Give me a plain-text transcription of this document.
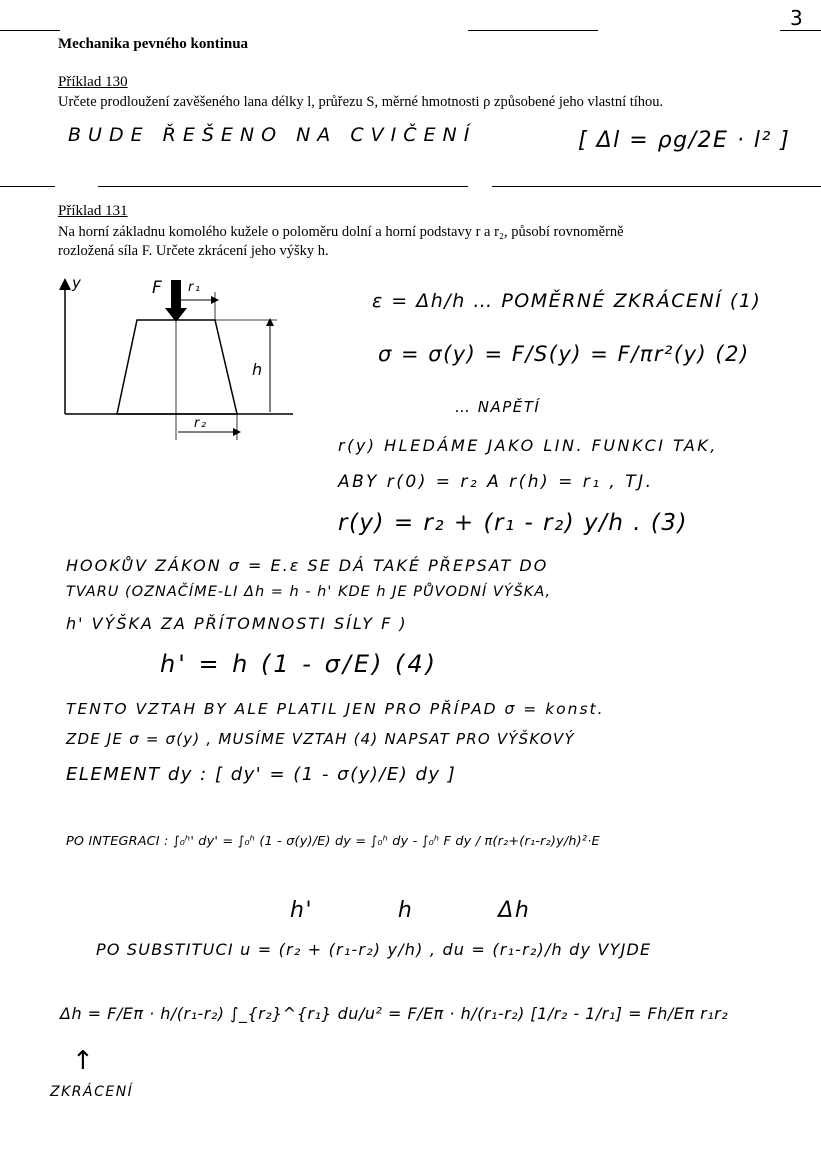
3
Mechanika pevného kontinua
Příklad 130
Určete prodloužení zavěšeného lana délky l, průřezu S, měrné hmotnosti ρ způsobené jeho vlastní tíhou.
BUDE ŘEŠENO NA CVIČENÍ	[ Δl = ρg/2E · l² ]
Příklad 131
Na horní základnu komolého kužele o poloměru dolní a horní podstavy r a r₂, působí rovnoměrně
rozložená síla F. Určete zkrácení jeho výšky h.
y	F r₁
h
r₂
ε = Δh/h … POMĚRNÉ ZKRÁCENÍ (1)
σ = σ(y) = F/S(y) = F/πr²(y) (2)
… NAPĚTÍ
r(y) HLEDÁME JAKO LIN. FUNKCI TAK,
ABY r(0) = r₂ A r(h) = r₁ , TJ.
r(y) = r₂ + (r₁ - r₂) y/h . (3)
HOOKŮV ZÁKON σ = E.ε SE DÁ TAKÉ PŘEPSAT DO
TVARU (OZNAČÍME-LI Δh = h - h' KDE h JE PŮVODNÍ VÝŠKA,
h' VÝŠKA ZA PŘÍTOMNOSTI SÍLY F )
h' = h (1 - σ/E) (4)
TENTO VZTAH BY ALE PLATIL JEN PRO PŘÍPAD σ = konst.
ZDE JE σ = σ(y) , MUSÍME VZTAH (4) NAPSAT PRO VÝŠKOVÝ
ELEMENT dy : [ dy' = (1 - σ(y)/E) dy ]
PO INTEGRACI : ∫₀ʰ' dy' = ∫₀ʰ (1 - σ(y)/E) dy = ∫₀ʰ dy - ∫₀ʰ F dy / π(r₂+(r₁-r₂)y/h)²·E
h'          h          Δh
PO SUBSTITUCI u = (r₂ + (r₁-r₂) y/h) , du = (r₁-r₂)/h dy VYJDE
Δh = F/Eπ · h/(r₁-r₂) ∫_{r₂}^{r₁} du/u² = F/Eπ · h/(r₁-r₂) [1/r₂ - 1/r₁] = Fh/Eπ r₁r₂
↑
ZKRÁCENÍ
